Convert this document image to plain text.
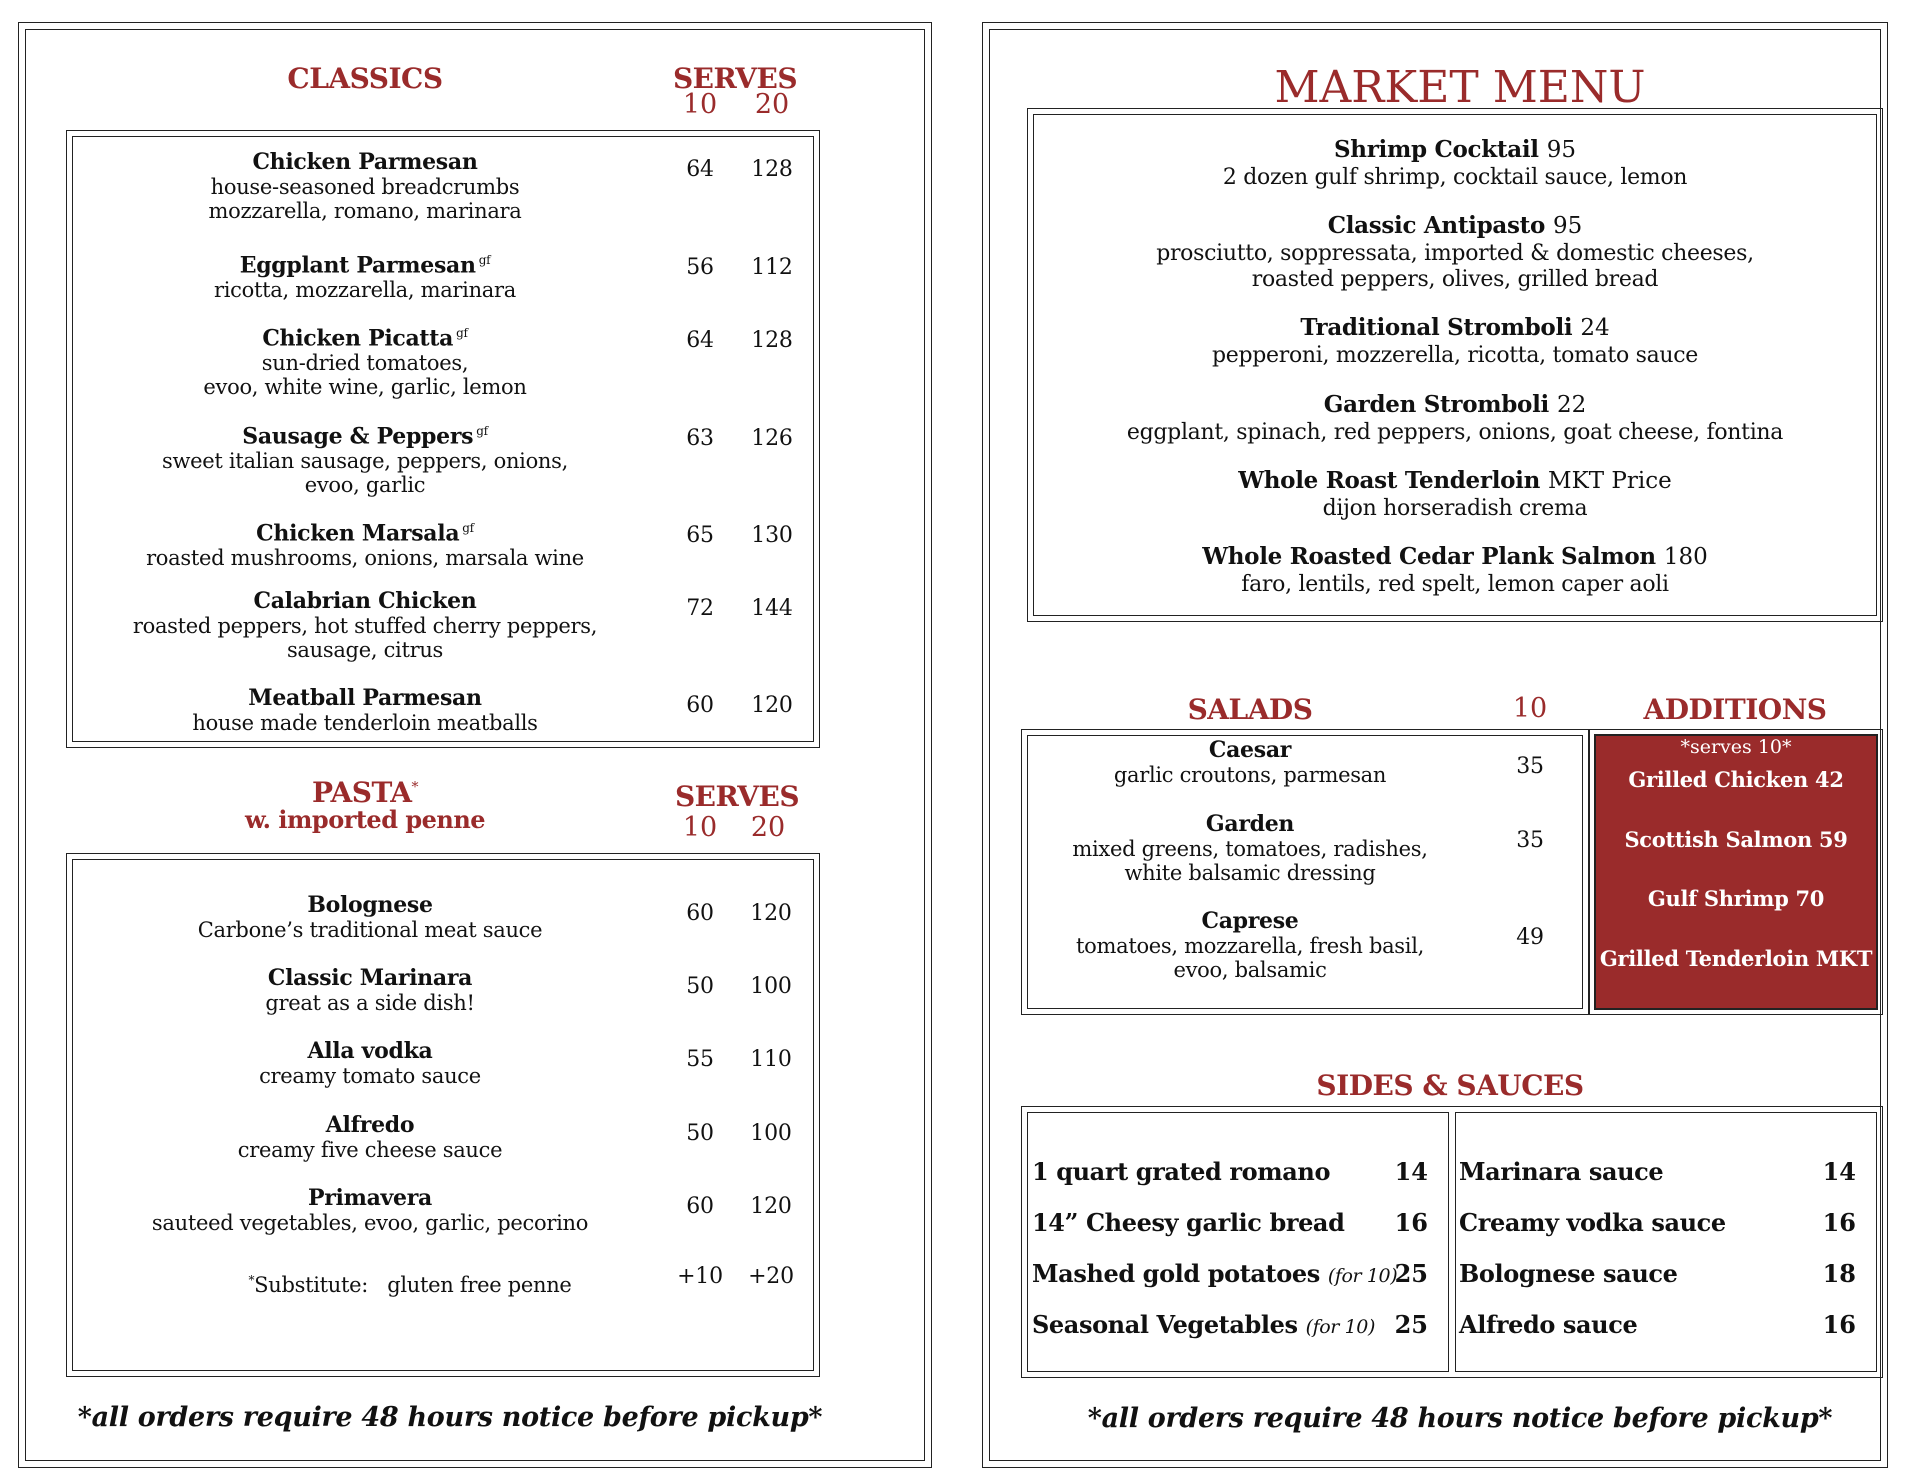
CLASSICS	SERVES
10	20
Chicken Parmesan
house-seasoned breadcrumbs
mozzarella, romano, marinara
64	128
Eggplant Parmesan $^{gf}$
ricotta, mozzarella, marinara
56	112
Chicken Picatta $^{gf}$
sun-dried tomatoes,
evoo, white wine, garlic, lemon
64	128
Sausage & Peppers $^{gf}$
sweet italian sausage, peppers, onions,
evoo, garlic
63	126
Chicken Marsala $^{gf}$
roasted mushrooms, onions, marsala wine
65	130
Calabrian Chicken
roasted peppers, hot stuffed cherry peppers,
sausage, citrus
72	144
Meatball Parmesan
house made tenderloin meatballs
60	120
PASTA*
w. imported penne
SERVES
10	20
Bolognese
Carbone’s traditional meat sauce
60	120
Classic Marinara
great as a side dish!
50	100
Alla vodka
creamy tomato sauce
55	110
Alfredo
creamy five cheese sauce
50	100
Primavera
sauteed vegetables, evoo, garlic, pecorino
60	120
*Substitute: gluten free penne	+10	+20
*all orders require 48 hours notice before pickup*
MARKET MENU
Shrimp Cocktail 95
2 dozen gulf shrimp, cocktail sauce, lemon
Classic Antipasto 95
prosciutto, soppressata, imported & domestic cheeses,
roasted peppers, olives, grilled bread
Traditional Stromboli 24
pepperoni, mozzerella, ricotta, tomato sauce
Garden Stromboli 22
eggplant, spinach, red peppers, onions, goat cheese, fontina
Whole Roast Tenderloin MKT Price
dijon horseradish crema
Whole Roasted Cedar Plank Salmon 180
faro, lentils, red spelt, lemon caper aoli
SALADS	10
Caesar
garlic croutons, parmesan	35
Garden
mixed greens, tomatoes, radishes,
white balsamic dressing
35
Caprese
tomatoes, mozzarella, fresh basil,
evoo, balsamic
49
ADDITIONS
*serves 10*
Grilled Chicken 42
Scottish Salmon 59
Gulf Shrimp 70
Grilled Tenderloin MKT
SIDES & SAUCES
1 quart grated romano	14
14” Cheesy garlic bread	16
Mashed gold potatoes (for 10)
25
Seasonal Vegetables (for 10) 25
Marinara sauce	14
Creamy vodka sauce	16
Bolognese sauce	18
Alfredo sauce	16
*all orders require 48 hours notice before pickup*
